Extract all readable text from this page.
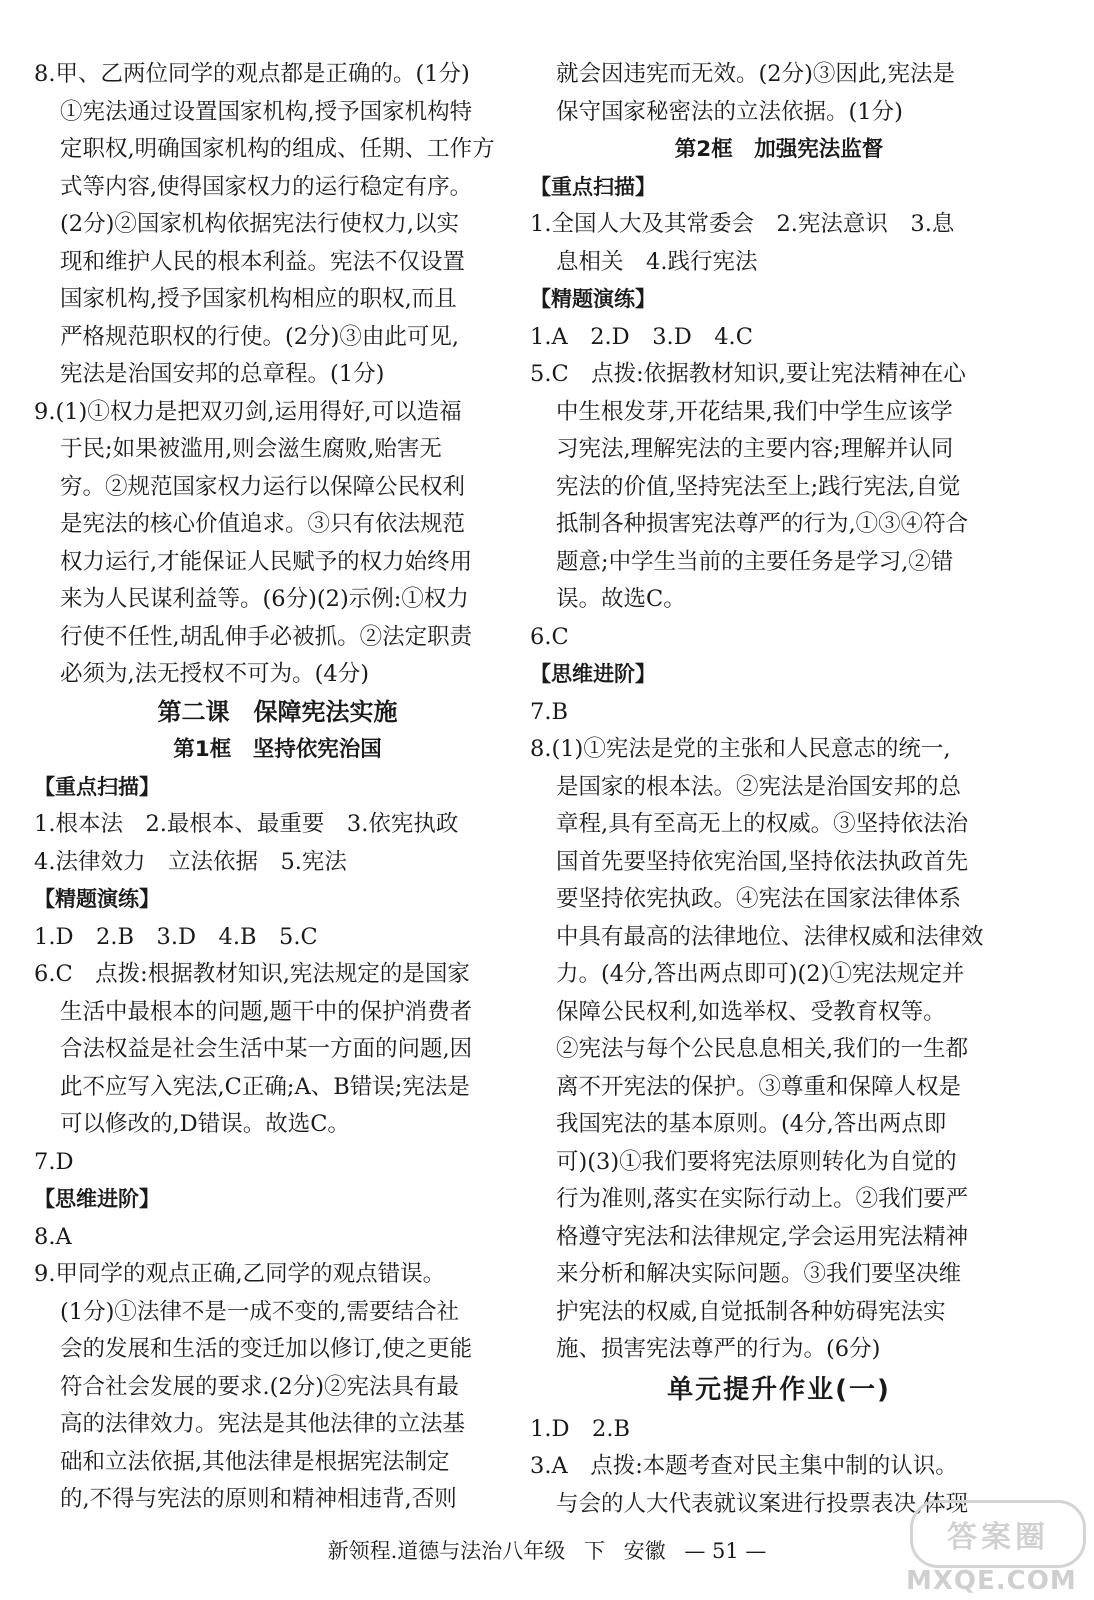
8.甲、乙两位同学的观点都是正确的。(1分)
①宪法通过设置国家机构,授予国家机构特
定职权,明确国家机构的组成、任期、工作方
式等内容,使得国家权力的运行稳定有序。
(2分)②国家机构依据宪法行使权力,以实
现和维护人民的根本利益。宪法不仅设置
国家机构,授予国家机构相应的职权,而且
严格规范职权的行使。(2分)③由此可见,
宪法是治国安邦的总章程。(1分)
9.(1)①权力是把双刃剑,运用得好,可以造福
于民;如果被滥用,则会滋生腐败,贻害无
穷。②规范国家权力运行以保障公民权利
是宪法的核心价值追求。③只有依法规范
权力运行,才能保证人民赋予的权力始终用
来为人民谋利益等。(6分)(2)示例:①权力
行使不任性,胡乱伸手必被抓。②法定职责
必须为,法无授权不可为。(4分)
第二课　保障宪法实施
第1框　坚持依宪治国
【重点扫描】
1.根本法　2.最根本、最重要　3.依宪执政
4.法律效力　立法依据　5.宪法
【精题演练】
1.D　2.B　3.D　4.B　5.C
6.C　点拨:根据教材知识,宪法规定的是国家
生活中最根本的问题,题干中的保护消费者
合法权益是社会生活中某一方面的问题,因
此不应写入宪法,C正确;A、B错误;宪法是
可以修改的,D错误。故选C。
7.D
【思维进阶】
8.A
9.甲同学的观点正确,乙同学的观点错误。
(1分)①法律不是一成不变的,需要结合社
会的发展和生活的变迁加以修订,使之更能
符合社会发展的要求.(2分)②宪法具有最
高的法律效力。宪法是其他法律的立法基
础和立法依据,其他法律是根据宪法制定
的,不得与宪法的原则和精神相违背,否则
就会因违宪而无效。(2分)③因此,宪法是
保守国家秘密法的立法依据。(1分)
第2框　加强宪法监督
【重点扫描】
1.全国人大及其常委会　2.宪法意识　3.息
息相关　4.践行宪法
【精题演练】
1.A　2.D　3.D　4.C
5.C　点拨:依据教材知识,要让宪法精神在心
中生根发芽,开花结果,我们中学生应该学
习宪法,理解宪法的主要内容;理解并认同
宪法的价值,坚持宪法至上;践行宪法,自觉
抵制各种损害宪法尊严的行为,①③④符合
题意;中学生当前的主要任务是学习,②错
误。故选C。
6.C
【思维进阶】
7.B
8.(1)①宪法是党的主张和人民意志的统一,
是国家的根本法。②宪法是治国安邦的总
章程,具有至高无上的权威。③坚持依法治
国首先要坚持依宪治国,坚持依法执政首先
要坚持依宪执政。④宪法在国家法律体系
中具有最高的法律地位、法律权威和法律效
力。(4分,答出两点即可)(2)①宪法规定并
保障公民权利,如选举权、受教育权等。
②宪法与每个公民息息相关,我们的一生都
离不开宪法的保护。③尊重和保障人权是
我国宪法的基本原则。(4分,答出两点即
可)(3)①我们要将宪法原则转化为自觉的
行为准则,落实在实际行动上。②我们要严
格遵守宪法和法律规定,学会运用宪法精神
来分析和解决实际问题。③我们要坚决维
护宪法的权威,自觉抵制各种妨碍宪法实
施、损害宪法尊严的行为。(6分)
单元提升作业(一)
1.D　2.B
3.A　点拨:本题考查对民主集中制的认识。
与会的人大代表就议案进行投票表决,体现
新领程.道德与法治八年级 下 安徽 — 51 —	答案圈
MXQE.COM
